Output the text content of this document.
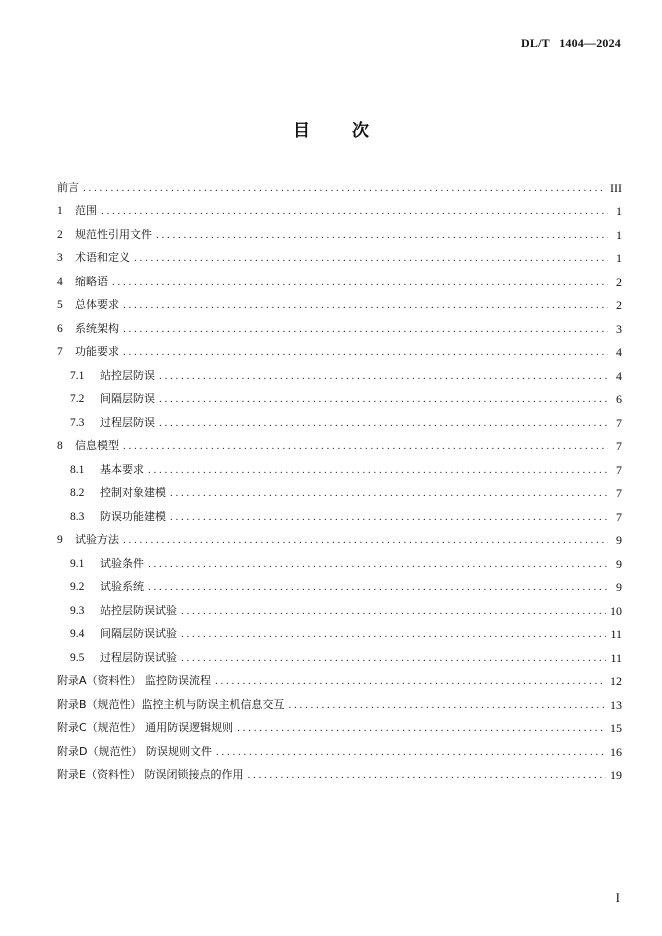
DL/T   1404—2024
目次
前言 . . .	III
1	范围 . . .	1
2	规范性引用文件 . . .	1
3	术语和定义 . . .	1
4	缩略语 . . .	2
5	总体要求 . . .	2
6	系统架构 . . .	3
7	功能要求 . . .	4
7.1	站控层防误 . . .	4
7.2	间隔层防误 . . .	6
7.3	过程层防误 . . .	7
8	信息模型 . . .	7
8.1	基本要求 . . .	7
8.2	控制对象建模 . . .	7
8.3	防误功能建模 . . .	7
9	试验方法 . . .	9
9.1	试验条件 . . .	9
9.2	试验系统 . . .	9
9.3	站控层防误试验 . . .	10
9.4	间隔层防误试验 . . .	11
9.5	过程层防误试验 . . .	11
附录A（资料性） 监控防误流程 . . .	12
附录B（规范性）监控主机与防误主机信息交互 . . .	13
附录C（规范性） 通用防误逻辑规则 . . .	15
附录D（规范性） 防误规则文件 . . .	16
附录E（资料性） 防误闭锁接点的作用 . . .	19
I
